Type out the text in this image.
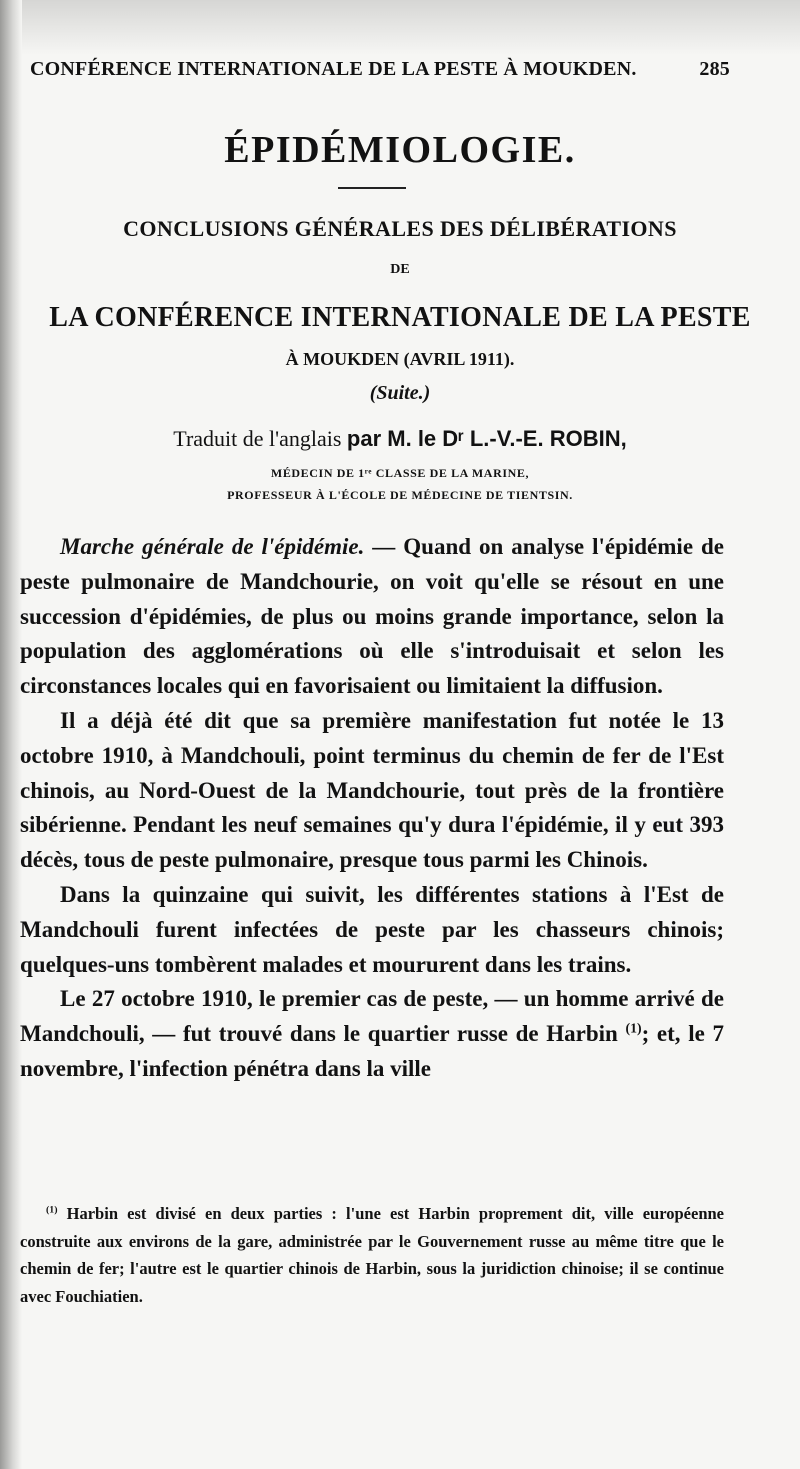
CONFÉRENCE INTERNATIONALE DE LA PESTE À MOUKDEN.	285
ÉPIDÉMIOLOGIE.
CONCLUSIONS GÉNÉRALES DES DÉLIBÉRATIONS
DE
LA CONFÉRENCE INTERNATIONALE DE LA PESTE
À MOUKDEN (AVRIL 1911).
(Suite.)
Traduit de l'anglais par M. le Dʳ L.-V.-E. ROBIN,
MÉDECIN DE 1ʳᵉ CLASSE DE LA MARINE,
PROFESSEUR À L'ÉCOLE DE MÉDECINE DE TIENTSIN.

Marche générale de l'épidémie. — Quand on analyse l'épidémie de peste pulmonaire de Mandchourie, on voit qu'elle se résout en une succession d'épidémies, de plus ou moins grande importance, selon la population des agglomérations où elle s'introduisait et selon les circonstances locales qui en favorisaient ou limitaient la diffusion.

Il a déjà été dit que sa première manifestation fut notée le 13 octobre 1910, à Mandchouli, point terminus du chemin de fer de l'Est chinois, au Nord-Ouest de la Mandchourie, tout près de la frontière sibérienne. Pendant les neuf semaines qu'y dura l'épidémie, il y eut 393 décès, tous de peste pulmonaire, presque tous parmi les Chinois.

Dans la quinzaine qui suivit, les différentes stations à l'Est de Mandchouli furent infectées de peste par les chasseurs chinois; quelques-uns tombèrent malades et moururent dans les trains.

Le 27 octobre 1910, le premier cas de peste, — un homme arrivé de Mandchouli, — fut trouvé dans le quartier russe de Harbin $^{(1)}$; et, le 7 novembre, l'infection pénétra dans la ville

$^{(1)}$ Harbin est divisé en deux parties : l'une est Harbin proprement dit, ville européenne construite aux environs de la gare, administrée par le Gouvernement russe au même titre que le chemin de fer; l'autre est le quartier chinois de Harbin, sous la juridiction chinoise; il se continue avec Fouchiatien.
